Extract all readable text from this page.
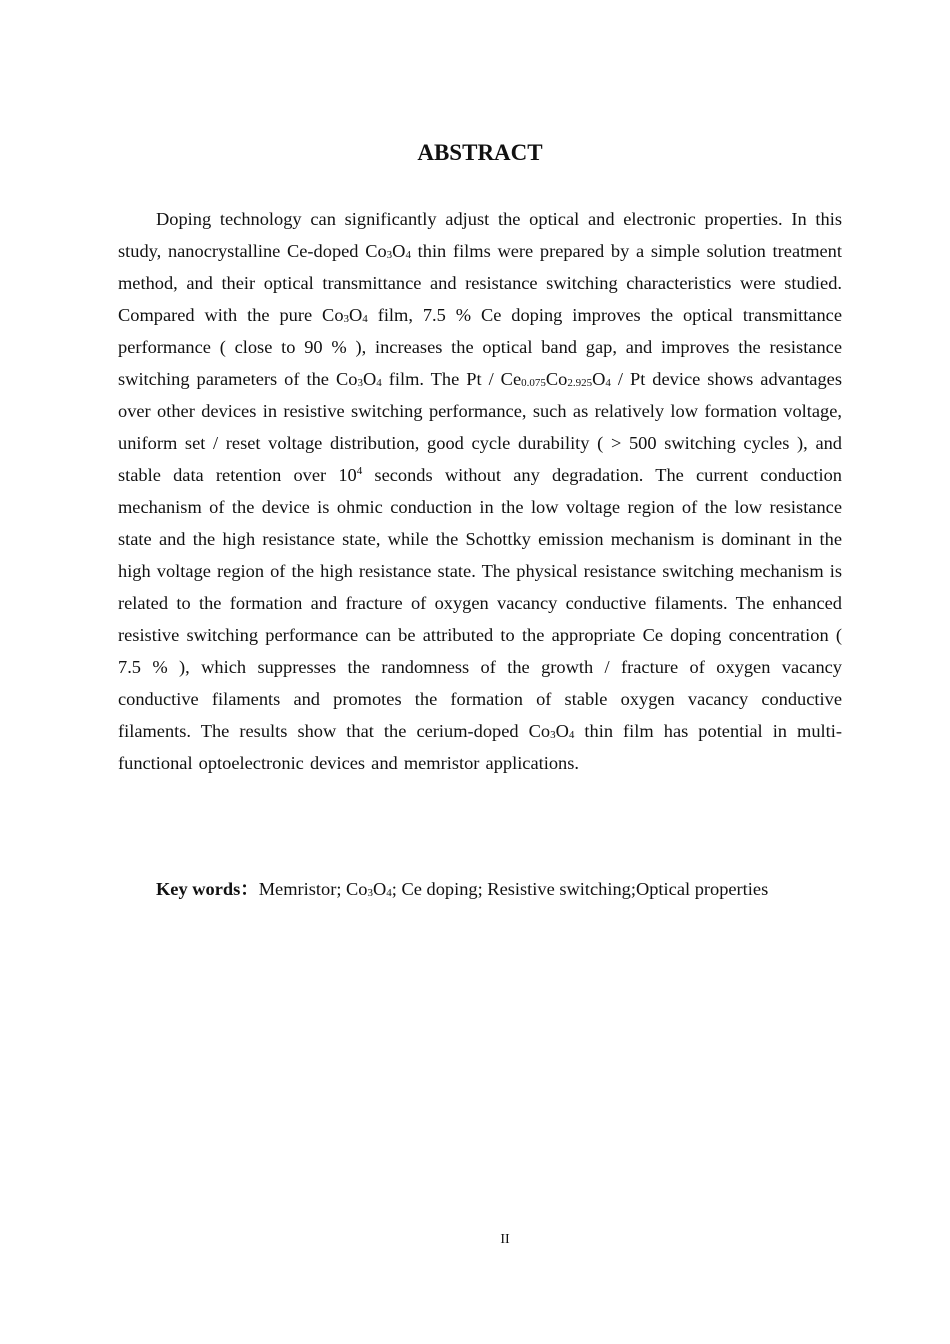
ABSTRACT

Doping technology can significantly adjust the optical and electronic properties. In this study, nanocrystalline Ce-doped $Co_3O_4$ thin films were prepared by a simple solution treatment method, and their optical transmittance and resistance switching characteristics were studied. Compared with the pure $Co_3O_4$ film, 7.5 % Ce doping improves the optical transmittance performance ( close to 90 % ), increases the optical band gap, and improves the resistance switching parameters of the $Co_3O_4$ film. The Pt / $Ce_{0.075}Co_{2.925}O_4$ / Pt device shows advantages over other devices in resistive switching performance, such as relatively low formation voltage, uniform set / reset voltage distribution, good cycle durability ( > 500 switching cycles ), and stable data retention over $10^4$ seconds without any degradation. The current conduction mechanism of the device is ohmic conduction in the low voltage region of the low resistance state and the high resistance state, while the Schottky emission mechanism is dominant in the high voltage region of the high resistance state. The physical resistance switching mechanism is related to the formation and fracture of oxygen vacancy conductive filaments. The enhanced resistive switching performance can be attributed to the appropriate Ce doping concentration ( 7.5 % ), which suppresses the randomness of the growth / fracture of oxygen vacancy conductive filaments and promotes the formation of stable oxygen vacancy conductive filaments. The results show that the cerium-doped $Co_3O_4$ thin film has potential in multi-functional optoelectronic devices and memristor applications.

Key words：Memristor; $Co_3O_4$; Ce doping; Resistive switching;Optical properties
II
